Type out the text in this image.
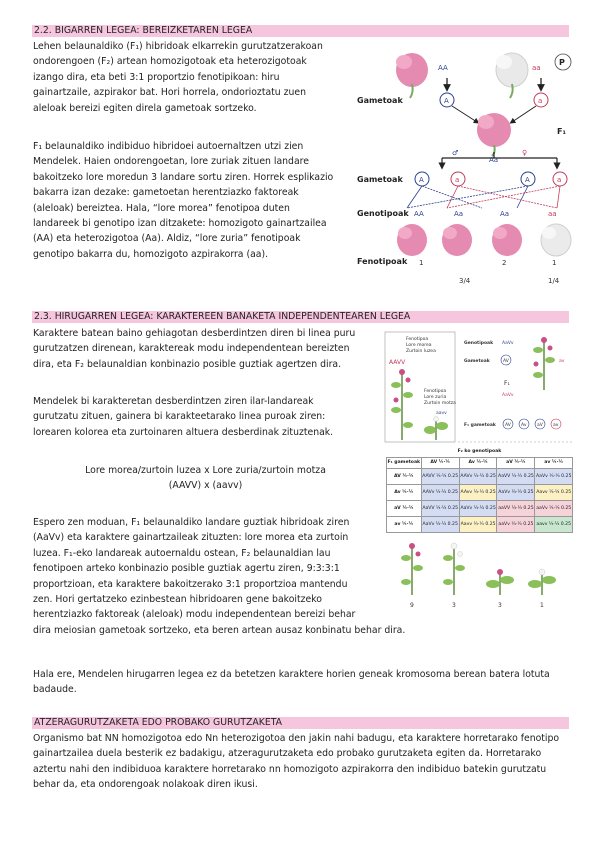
2.2. BIGARREN LEGEA: BEREIZKETAREN LEGEA
Lehen belaunaldiko (F₁) hibridoak elkarrekin gurutzatzerakoan
ondorengoen (F₂) artean homozigotoak eta heterozigotoak
izango dira, eta beti 3:1 proportzio fenotipikoan: hiru
gainartzaile, azpirakor bat. Hori horrela, ondorioztatu zuen
aleloak bereizi egiten direla gametoak sortzeko.
F₁ belaunaldiko indibiduo hibridoei autoernaltzen utzi zien
Mendelek. Haien ondorengoetan, lore zuriak zituen landare
bakoitzeko lore moredun 3 landare sortu ziren. Horrek esplikazio
bakarra izan dezake: gametoetan herentziazko faktoreak
(aleloak) bereiztea. Hala, “lore morea” fenotipoa duten
landareek bi genotipo izan ditzakete: homozigoto gainartzailea
(AA) eta heterozigotoa (Aa). Aldiz, “lore zuria” fenotipoak
genotipo bakarra du, homozigoto azpirakorra (aa).
AA	aa
P
Gametoak	A	a
F₁
♂	♀
Aa
Gametoak A	a	A	a
Genotipoak AA	Aa	Aa	aa
Fenotipoak 1	2	1
3/4	1/4
2.3. HIRUGARREN LEGEA: KARAKTEREEN BANAKETA INDEPENDENTEAREN LEGEA
Karaktere batean baino gehiagotan desberdintzen diren bi linea puru
gurutzatzen direnean, karaktereak modu independentean bereizten
dira, eta F₂ belaunaldian konbinazio posible guztiak agertzen dira.
Mendelek bi karakteretan desberdintzen ziren ilar-landareak
gurutzatu zituen, gainera bi karakteetarako linea puroak ziren:
lorearen kolorea eta zurtoinaren altuera desberdinak zituztenak.
Lore morea/zurtoin luzea x Lore zuria/zurtoin motza
(AAVV) x (aavv)
Espero zen moduan, F₁ belaunaldiko landare guztiak hibridoak ziren
(AaVv) eta karaktere gainartzaileak zituzten: lore morea eta zurtoin
luzea. F₁-eko landareak autoernaldu ostean, F₂ belaunaldian lau
fenotipoen arteko konbinazio posible guztiak agertu ziren, 9:3:3:1
proportzioan, eta karaktere bakoitzerako 3:1 proportzioa mantendu
zen. Hori gertatzeko ezinbestean hibridoaren gene bakoitzeko
herentziazko faktoreak (aleloak) modu independentean bereizi behar
dira meiosian gametoak sortzeko, eta beren artean ausaz konbinatu behar dira.
Hala ere, Mendelen hirugarren legea ez da betetzen karaktere horien geneak kromosoma berean batera lotuta
badaude.
Fenotipoa
Lore morea
Zurtoin luzea
AAVV
Fenotipoa
Lore zuria
Zurtoin motza
aavv
Genotipoak AaVv
Gametoak	AV	av
F₁
AaVv
F₁ gametoak AV Av aV av
F₂ ko genotipoak				
F₁ gametoak	AV ¼·¼	Av ¼·¼	aV ¼·¼	av ¼·¼
AV ¼·¼	AAVV ¼·¼ 0.25	AAVv ¼·¼ 0.25	AaVV ¼·¼ 0.25	AaVv ¼·¼ 0.25
Av ¼·¼	AAVv ¼·¼ 0.25	AAvv ¼·¼ 0.25	AaVv ¼·¼ 0.25	Aavv ¼·¼ 0.25
aV ¼·¼	AaVV ¼·¼ 0.25	AaVv ¼·¼ 0.25	aaVV ¼·¼ 0.25	aaVv ¼·¼ 0.25
av ¼·¼	AaVv ¼·¼ 0.25	Aavv ¼·¼ 0.25	aaVv ¼·¼ 0.25	aavv ¼·¼ 0.25
9	3	3	1
ATZERAGURUTZAKETA EDO PROBAKO GURUTZAKETA
Organismo bat NN homozigotoa edo Nn heterozigotoa den jakin nahi badugu, eta karaktere horretarako fenotipo
gainartzailea duela besterik ez badakigu, atzeragurutzaketa edo probako gurutzaketa egiten da. Horretarako
aztertu nahi den indibiduoa karaktere horretarako nn homozigoto azpirakorra den indibiduo batekin gurutzatu
behar da, eta ondorengoak nolakoak diren ikusi.
